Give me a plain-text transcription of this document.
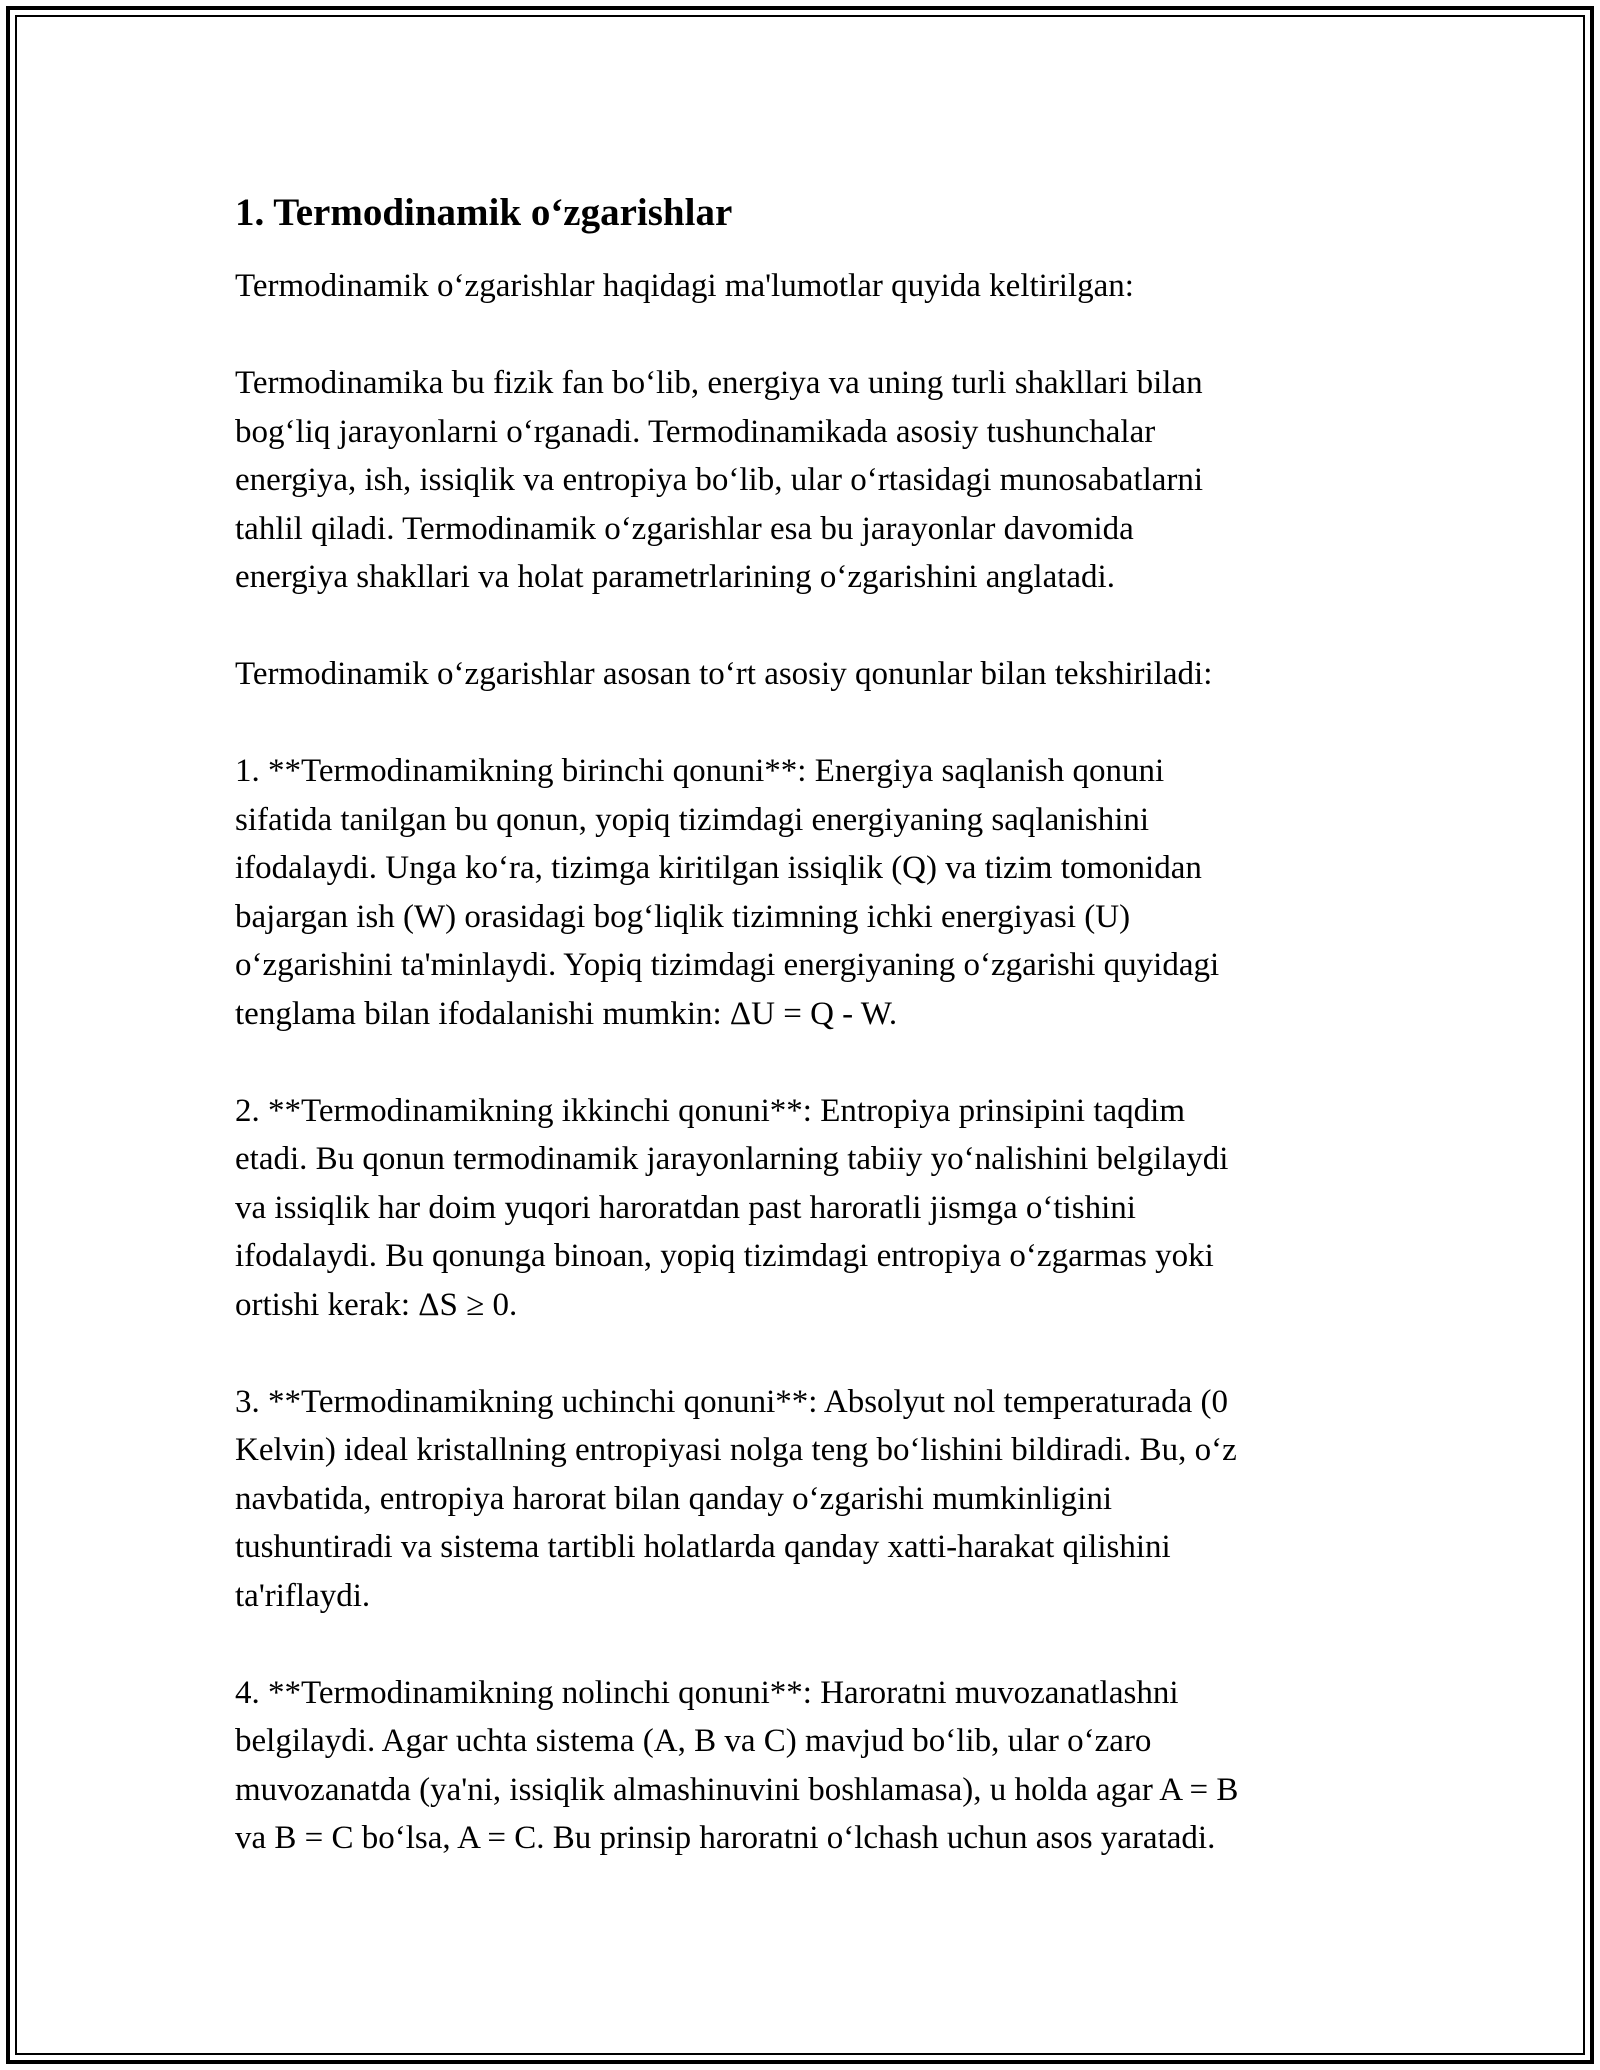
1. Termodinamik o‘zgarishlar

Termodinamik o‘zgarishlar haqidagi ma'lumotlar quyida keltirilgan:

Termodinamika bu fizik fan bo‘lib, energiya va uning turli shakllari bilan
bog‘liq jarayonlarni o‘rganadi. Termodinamikada asosiy tushunchalar
energiya, ish, issiqlik va entropiya bo‘lib, ular o‘rtasidagi munosabatlarni
tahlil qiladi. Termodinamik o‘zgarishlar esa bu jarayonlar davomida
energiya shakllari va holat parametrlarining o‘zgarishini anglatadi.

Termodinamik o‘zgarishlar asosan to‘rt asosiy qonunlar bilan tekshiriladi:

1. **Termodinamikning birinchi qonuni**: Energiya saqlanish qonuni
sifatida tanilgan bu qonun, yopiq tizimdagi energiyaning saqlanishini
ifodalaydi. Unga ko‘ra, tizimga kiritilgan issiqlik (Q) va tizim tomonidan
bajargan ish (W) orasidagi bog‘liqlik tizimning ichki energiyasi (U)
o‘zgarishini ta'minlaydi. Yopiq tizimdagi energiyaning o‘zgarishi quyidagi
tenglama bilan ifodalanishi mumkin: ΔU = Q - W.

2. **Termodinamikning ikkinchi qonuni**: Entropiya prinsipini taqdim
etadi. Bu qonun termodinamik jarayonlarning tabiiy yo‘nalishini belgilaydi
va issiqlik har doim yuqori haroratdan past haroratli jismga o‘tishini
ifodalaydi. Bu qonunga binoan, yopiq tizimdagi entropiya o‘zgarmas yoki
ortishi kerak: ΔS ≥ 0.

3. **Termodinamikning uchinchi qonuni**: Absolyut nol temperaturada (0
Kelvin) ideal kristallning entropiyasi nolga teng bo‘lishini bildiradi. Bu, o‘z
navbatida, entropiya harorat bilan qanday o‘zgarishi mumkinligini
tushuntiradi va sistema tartibli holatlarda qanday xatti-harakat qilishini
ta'riflaydi.

4. **Termodinamikning nolinchi qonuni**: Haroratni muvozanatlashni
belgilaydi. Agar uchta sistema (A, B va C) mavjud bo‘lib, ular o‘zaro
muvozanatda (ya'ni, issiqlik almashinuvini boshlamasa), u holda agar A = B
va B = C bo‘lsa, A = C. Bu prinsip haroratni o‘lchash uchun asos yaratadi.
